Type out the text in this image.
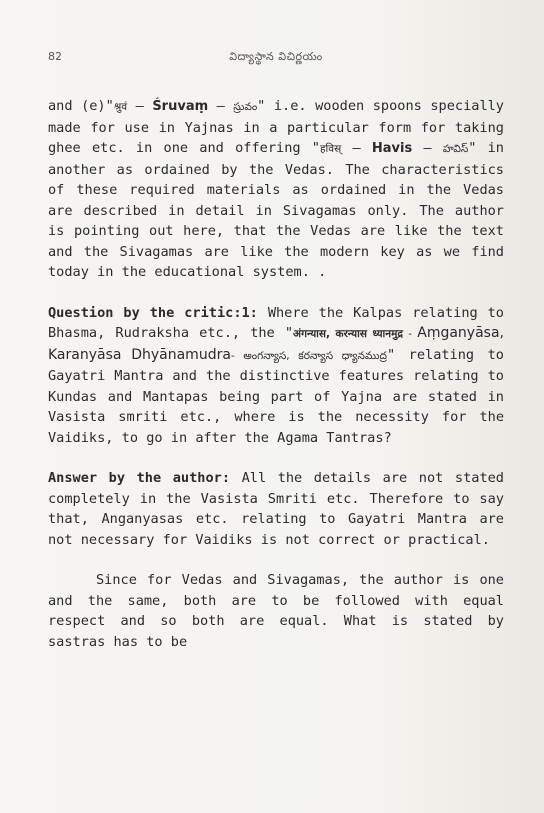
82	విద్యాస్థాన విచిర్ణయం

and (e)"श्रुवं – Śruvaṃ – స్రువం" i.e. wooden spoons specially made for use in Yajnas in a particular form for taking ghee etc. in one and offering "हविस् – Havis – హవిస్" in another as ordained by the Vedas. The characteristics of these required materials as ordained in the Vedas are described in detail in Sivagamas only. The author is pointing out here, that the Vedas are like the text and the Sivagamas are like the modern key as we find today in the educational system. .

Question by the critic:1: Where the Kalpas relating to Bhasma, Rudraksha etc., the "अंगन्यास, करन्यास ध्यानमुद्र - Aṃganyāsa, Karanyāsa Dhyānamudra- అంగన్యాస, కరన్యాస ధ్యానముద్ర" relating to Gayatri Mantra and the distinctive features relating to Kundas and Mantapas being part of Yajna are stated in Vasista smriti etc., where is the necessity for the Vaidiks, to go in after the Agama Tantras?

Answer by the author: All the details are not stated completely in the Vasista Smriti etc. Therefore to say that, Anganyasas etc. relating to Gayatri Mantra are not necessary for Vaidiks is not correct or practical.

Since for Vedas and Sivagamas, the author is one and the same, both are to be followed with equal respect and so both are equal. What is stated by sastras has to be
